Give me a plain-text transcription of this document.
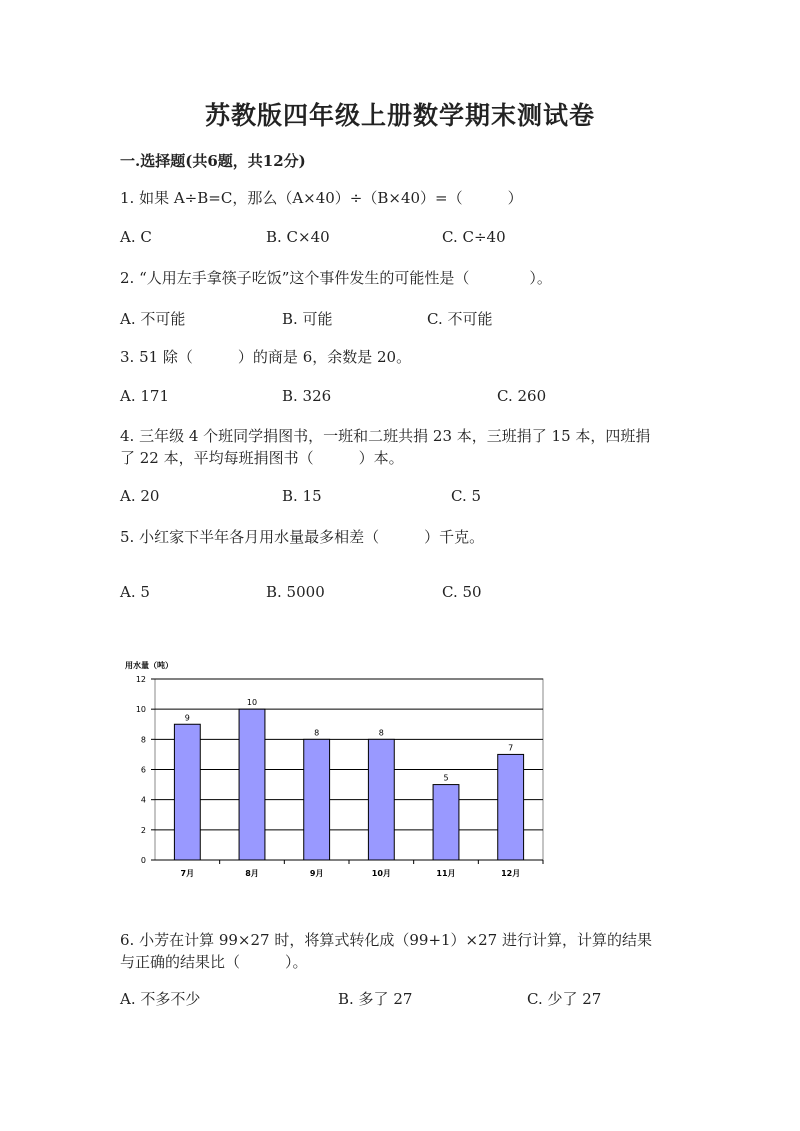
苏教版四年级上册数学期末测试卷
一.选择题(共6题，共12分)
1. 如果 A÷B=C，那么（A×40）÷（B×40）=（　　　）
A. C	B. C×40	C. C÷40
2. “人用左手拿筷子吃饭”这个事件发生的可能性是（　　　　）。
A. 不可能	B. 可能	C. 不可能
3. 51 除（　　　）的商是 6，余数是 20。
A. 171	B. 326	C. 260
4. 三年级 4 个班同学捐图书，一班和二班共捐 23 本，三班捐了 15 本，四班捐
了 22 本，平均每班捐图书（　　　）本。
A. 20	B. 15	C. 5
5. 小红家下半年各月用水量最多相差（　　　）千克。
A. 5	B. 5000	C. 50
用水量（吨）
0
2
4
6
8
10
12
9
7月
10
8月
8
9月
8
10月
5
11月
7
12月
6. 小芳在计算 99×27 时，将算式转化成（99+1）×27 进行计算，计算的结果
与正确的结果比（　　　）。
A. 不多不少	B. 多了 27	C. 少了 27
